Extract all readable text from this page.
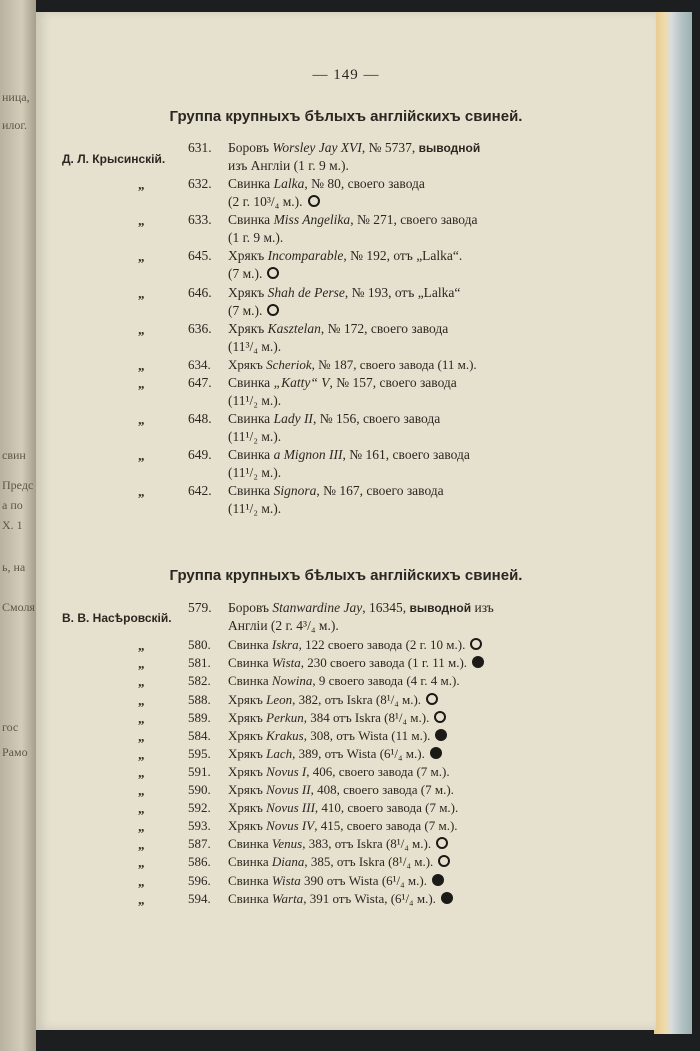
ница,
илог.
свин
Предс
а по
Х. 1
ь, на
Смоля
гос
Рамо
— 149 —
Группа крупныхъ бѣлыхъ англійскихъ свиней.
Д. Л. Крысинскій.
631. Боровъ Worsley Jay XVI, № 5737, выводной
изъ Англіи (1 г. 9 м.).
„	632. Свинка Lalka, № 80, своего завода
(2 г. 10³/₄ м.).
„	633. Свинка Miss Angelika, № 271, своего завода
(1 г. 9 м.).
„	645. Хрякъ Incomparable, № 192, отъ „Lalka“.
(7 м.).
„	646. Хрякъ Shah de Perse, № 193, отъ „Lalka“
(7 м.).
„	636. Хрякъ Kasztelan, № 172, своего завода
(11³/₄ м.).
„	634. Хрякъ Scheriok, № 187, своего завода (11 м.).
„	647. Свинка „Katty“ V, № 157, своего завода
(11¹/₂ м.).
„	648. Свинка Lady II, № 156, своего завода
(11¹/₂ м.).
„	649. Свинка a Mignon III, № 161, своего завода
(11¹/₂ м.).
„	642. Свинка Signora, № 167, своего завода
(11¹/₂ м.).
Группа крупныхъ бѣлыхъ англійскихъ свиней.
В. В. Насѣровскій.
579. Боровъ Stanwardine Jay, 16345, выводной изъ
Англіи (2 г. 4³/₄ м.).
„	580. Свинка Iskra, 122 своего завода (2 г. 10 м.).
„	581. Свинка Wista, 230 своего завода (1 г. 11 м.).
„	582. Свинка Nowina, 9 своего завода (4 г. 4 м.).
„	588. Хрякъ Leon, 382, отъ Iskra (8¹/₄ м.).
„	589. Хрякъ Perkun, 384 отъ Iskra (8¹/₄ м.).
„	584. Хрякъ Krakus, 308, отъ Wista (11 м.).
„	595. Хрякъ Lach, 389, отъ Wista (6¹/₄ м.).
„	591. Хрякъ Novus I, 406, своего завода (7 м.).
„	590. Хрякъ Novus II, 408, своего завода (7 м.).
„	592. Хрякъ Novus III, 410, своего завода (7 м.).
„	593. Хрякъ Novus IV, 415, своего завода (7 м.).
„	587. Свинка Venus, 383, отъ Iskra (8¹/₄ м.).
„	586. Свинка Diana, 385, отъ Iskra (8¹/₄ м.).
„	596. Свинка Wista 390 отъ Wista (6¹/₄ м.).
„	594. Свинка Warta, 391 отъ Wista, (6¹/₄ м.).
